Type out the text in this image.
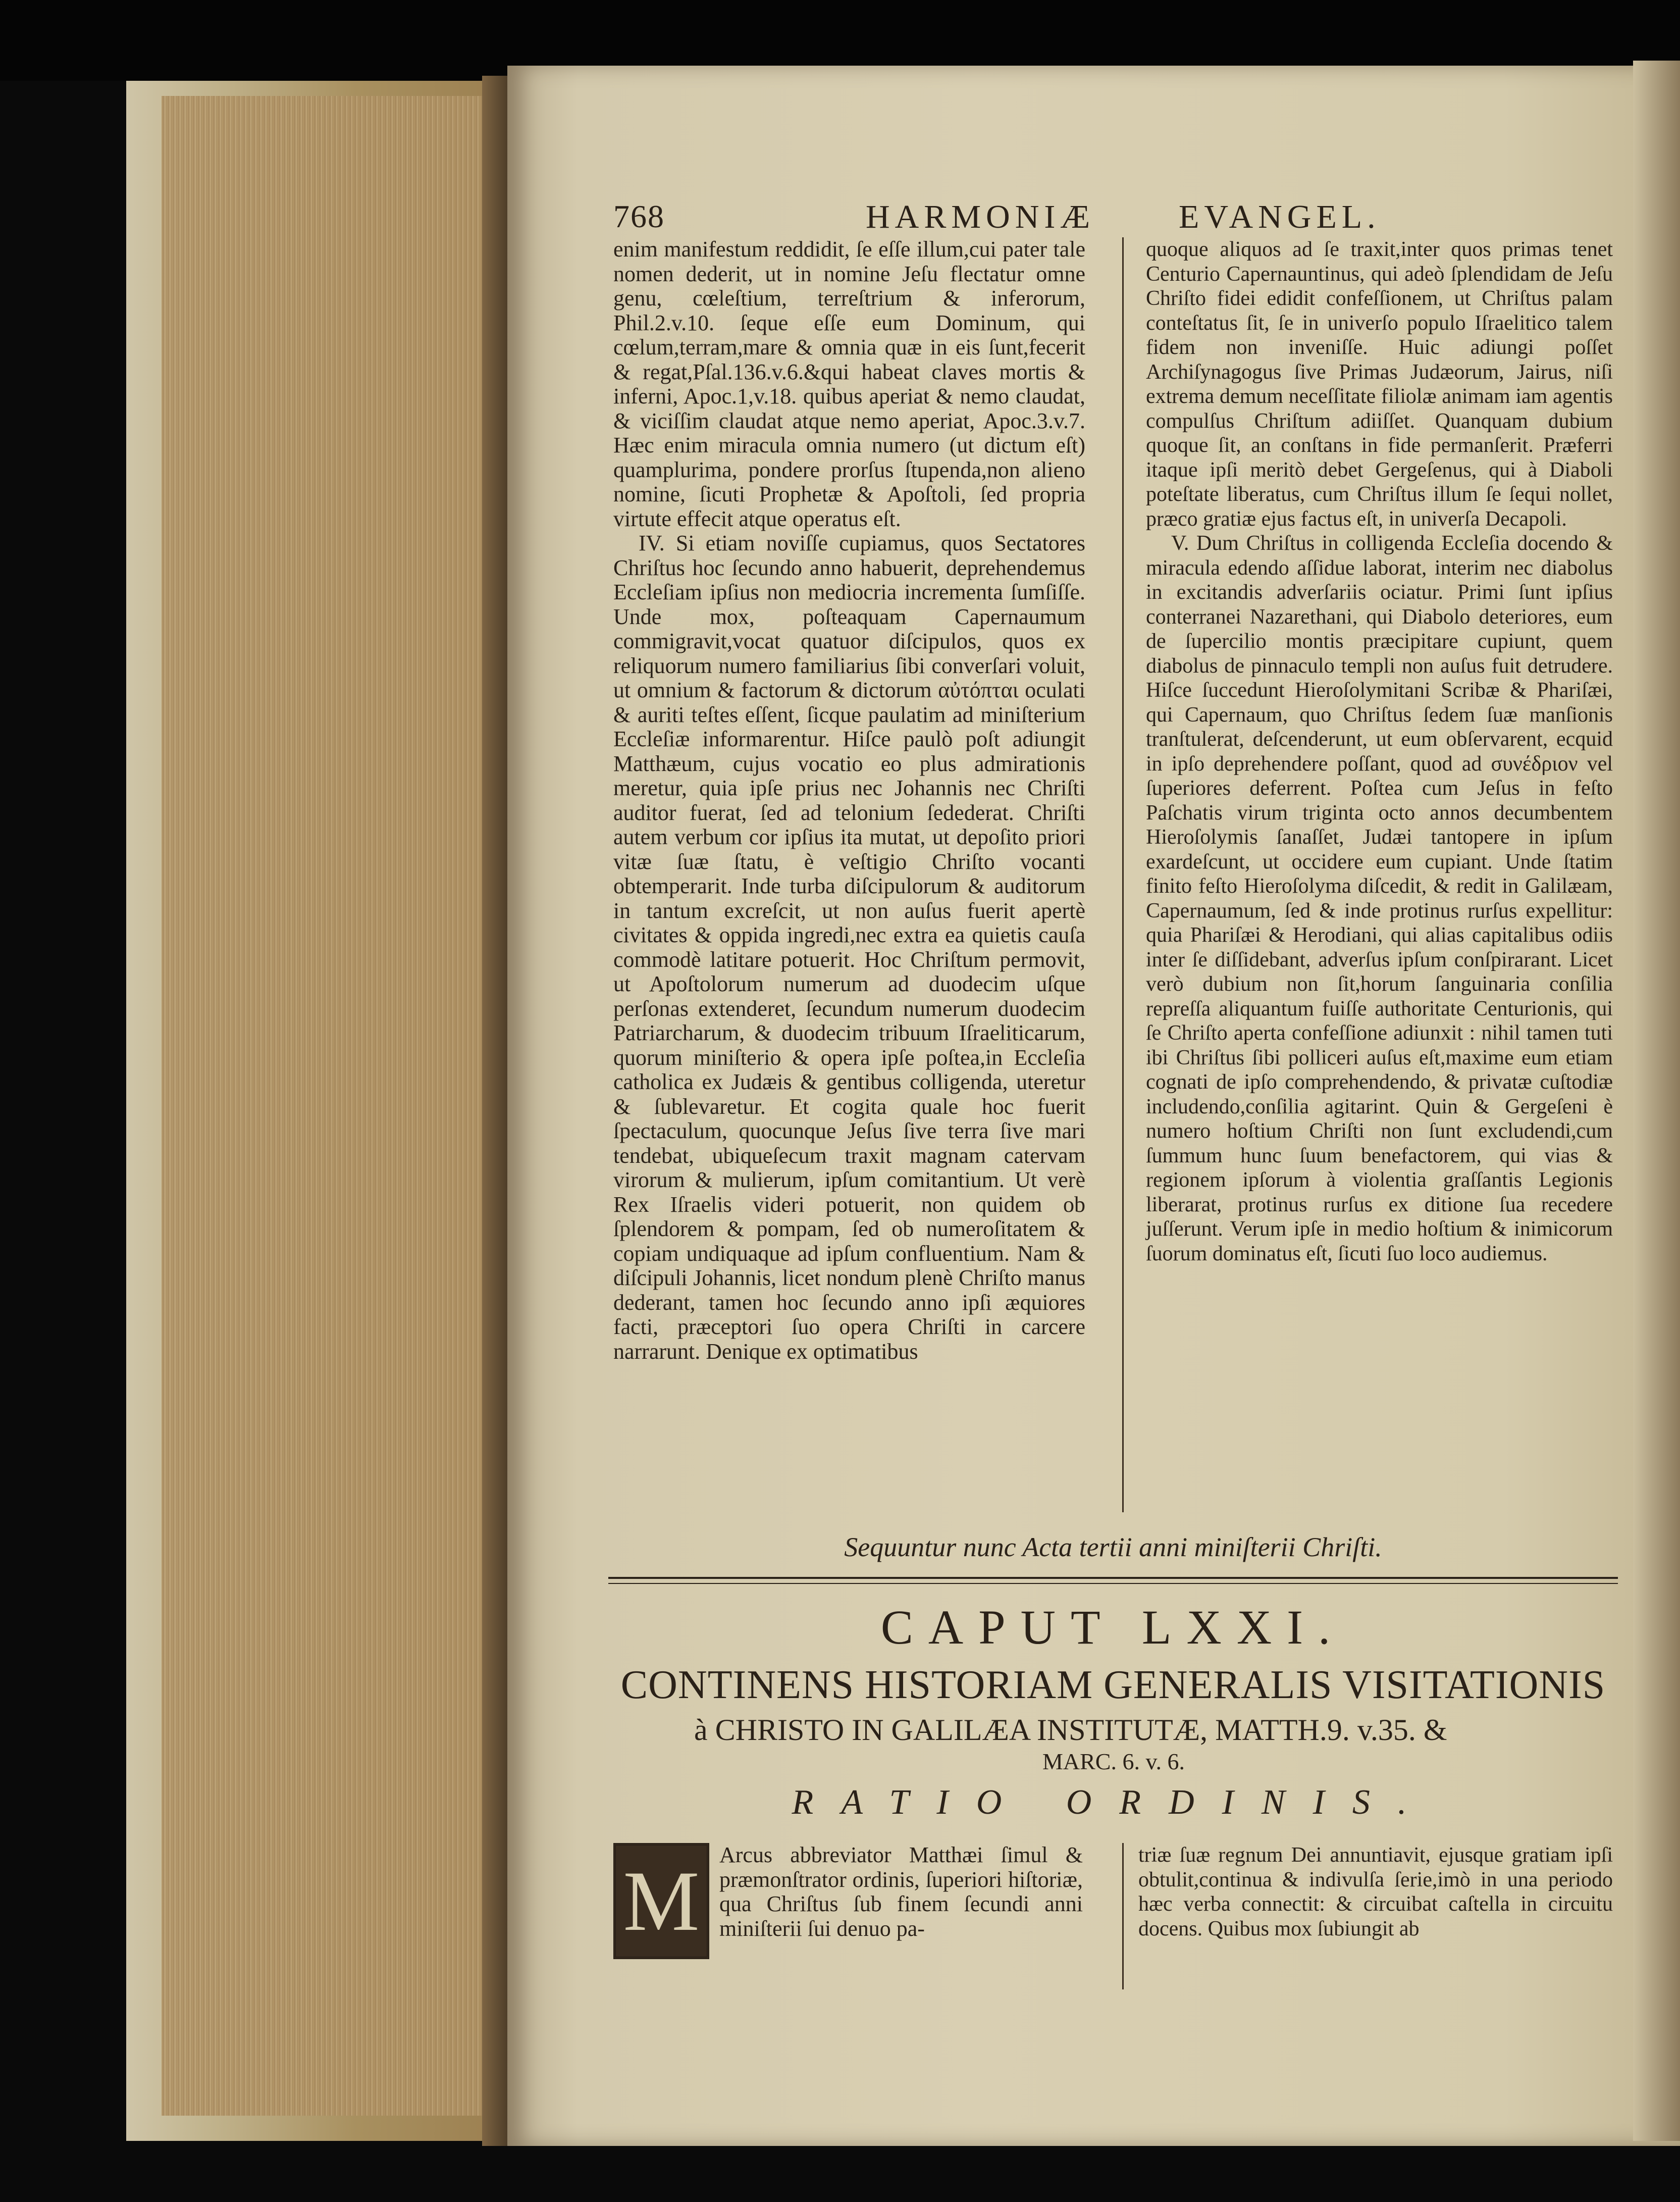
768	HARMONIÆ	EVANGEL.

enim manifestum reddidit, ſe eſſe illum,cui pater tale nomen dederit, ut in nomine Jeſu flectatur omne genu, cœleſtium, terreſtrium & inferorum, Phil.2.v.10. ſeque eſſe eum Dominum, qui cœlum,terram,mare & omnia quæ in eis ſunt,fecerit & regat,Pſal.136.v.6.&qui habeat claves mortis & inferni, Apoc.1,v.18. quibus aperiat & nemo claudat, & viciſſim claudat atque nemo aperiat, Apoc.3.v.7. Hæc enim miracula omnia numero (ut dictum eſt) quamplurima, pondere prorſus ſtupenda,non alieno nomine, ſicuti Prophetæ & Apoſtoli, ſed propria virtute effecit atque operatus eſt.

IV. Si etiam noviſſe cupiamus, quos Sectatores Chriſtus hoc ſecundo anno habuerit, deprehendemus Eccleſiam ipſius non mediocria incrementa ſumſiſſe. Unde mox, poſteaquam Capernaumum commigravit,vocat quatuor diſcipulos, quos ex reliquorum numero familiarius ſibi converſari voluit, ut omnium & factorum & dictorum αὐτόπται oculati & auriti teſtes eſſent, ſicque paulatim ad miniſterium Eccleſiæ informarentur. Hiſce paulò poſt adiungit Matthæum, cujus vocatio eo plus admirationis meretur, quia ipſe prius nec Johannis nec Chriſti auditor fuerat, ſed ad telonium ſedederat. Chriſti autem verbum cor ipſius ita mutat, ut depoſito priori vitæ ſuæ ſtatu, è veſtigio Chriſto vocanti obtemperarit. Inde turba diſcipulorum & auditorum in tantum excreſcit, ut non auſus fuerit apertè civitates & oppida ingredi,nec extra ea quietis cauſa commodè latitare potuerit. Hoc Chriſtum permovit, ut Apoſtolorum numerum ad duodecim uſque perſonas extenderet, ſecundum numerum duodecim Patriarcharum, & duodecim tribuum Iſraeliticarum, quorum miniſterio & opera ipſe poſtea,in Eccleſia catholica ex Judæis & gentibus colligenda, uteretur & ſublevaretur. Et cogita quale hoc fuerit ſpectaculum, quocunque Jeſus ſive terra ſive mari tendebat, ubiqueſecum traxit magnam catervam virorum & mulierum, ipſum comitantium. Ut verè Rex Iſraelis videri potuerit, non quidem ob ſplendorem & pompam, ſed ob numeroſitatem & copiam undiquaque ad ipſum confluentium. Nam & diſcipuli Johannis, licet nondum plenè Chriſto manus dederant, tamen hoc ſecundo anno ipſi æquiores facti, præceptori ſuo opera Chriſti in carcere narrarunt. Denique ex optimatibus

quoque aliquos ad ſe traxit,inter quos primas tenet Centurio Capernauntinus, qui adeò ſplendidam de Jeſu Chriſto fidei edidit confeſſionem, ut Chriſtus palam conteſtatus ſit, ſe in univerſo populo Iſraelitico talem fidem non inveniſſe. Huic adiungi poſſet Archiſynagogus ſive Primas Judæorum, Jairus, niſi extrema demum neceſſitate filiolæ animam iam agentis compulſus Chriſtum adiiſſet. Quanquam dubium quoque ſit, an conſtans in fide permanſerit. Præferri itaque ipſi meritò debet Gergeſenus, qui à Diaboli poteſtate liberatus, cum Chriſtus illum ſe ſequi nollet, præco gratiæ ejus factus eſt, in univerſa Decapoli.

V. Dum Chriſtus in colligenda Eccleſia docendo & miracula edendo aſſidue laborat, interim nec diabolus in excitandis adverſariis ociatur. Primi ſunt ipſius conterranei Nazarethani, qui Diabolo deteriores, eum de ſupercilio montis præcipitare cupiunt, quem diabolus de pinnaculo templi non auſus fuit detrudere. Hiſce ſuccedunt Hieroſolymitani Scribæ & Phariſæi, qui Capernaum, quo Chriſtus ſedem ſuæ manſionis tranſtulerat, deſcenderunt, ut eum obſervarent, ecquid in ipſo deprehendere poſſant, quod ad συνέδριον vel ſuperiores deferrent. Poſtea cum Jeſus in feſto Paſchatis virum triginta octo annos decumbentem Hieroſolymis ſanaſſet, Judæi tantopere in ipſum exardeſcunt, ut occidere eum cupiant. Unde ſtatim finito feſto Hieroſolyma diſcedit, & redit in Galilæam, Capernaumum, ſed & inde protinus rurſus expellitur: quia Phariſæi & Herodiani, qui alias capitalibus odiis inter ſe diſſidebant, adverſus ipſum conſpirarant. Licet verò dubium non ſit,horum ſanguinaria conſilia repreſſa aliquantum fuiſſe authoritate Centurionis, qui ſe Chriſto aperta confeſſione adiunxit : nihil tamen tuti ibi Chriſtus ſibi polliceri auſus eſt,maxime eum etiam cognati de ipſo comprehendendo, & privatæ cuſtodiæ includendo,conſilia agitarint. Quin & Gergeſeni è numero hoſtium Chriſti non ſunt excludendi,cum ſummum hunc ſuum benefactorem, qui vias & regionem ipſorum à violentia graſſantis Legionis liberarat, protinus rurſus ex ditione ſua recedere juſſerunt. Verum ipſe in medio hoſtium & inimicorum ſuorum dominatus eſt, ſicuti ſuo loco audiemus.

Sequuntur nunc Acta tertii anni miniſterii Chriſti.
CAPUT LXXI.
CONTINENS HISTORIAM GENERALIS VISITATIONIS
à CHRISTO IN GALILÆA INSTITUTÆ, MATTH.9. v.35. &
MARC. 6. v. 6.
RATIO ORDINIS.
M Arcus abbreviator Matthæi ſimul & præmonſtrator ordinis, ſuperiori hiſtoriæ, qua Chriſtus ſub finem ſecundi anni miniſterii ſui denuo pa-
triæ ſuæ regnum Dei annuntiavit, ejusque gratiam ipſi obtulit,continua & indivulſa ſerie,imò in una periodo hæc verba connectit: & circuibat caſtella in circuitu docens. Quibus mox ſubiungit ab
